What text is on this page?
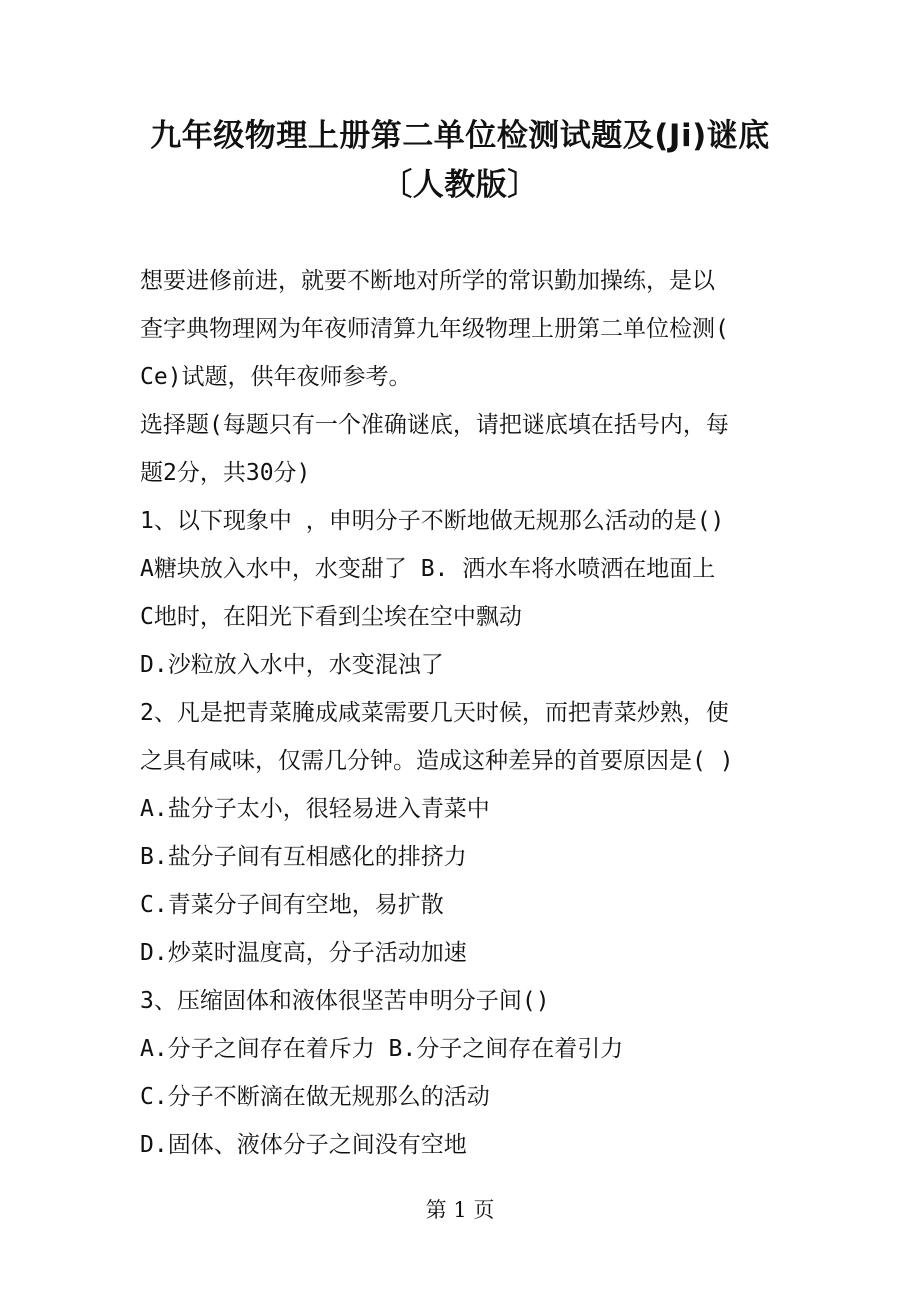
九年级物理上册第二单位检测试题及(Ji)谜底
〔人教版〕
想要进修前进，就要不断地对所学的常识勤加操练，是以
查字典物理网为年夜师清算九年级物理上册第二单位检测(
Ce)试题，供年夜师参考。
选择题(每题只有一个准确谜底，请把谜底填在括号内，每
题2分，共30分)
1、以下现象中 ，申明分子不断地做无规那么活动的是()
A糖块放入水中，水变甜了 B. 洒水车将水喷洒在地面上
C地时，在阳光下看到尘埃在空中飘动
D.沙粒放入水中，水变混浊了
2、凡是把青菜腌成咸菜需要几天时候，而把青菜炒熟，使
之具有咸味，仅需几分钟。造成这种差异的首要原因是( )
A.盐分子太小，很轻易进入青菜中
B.盐分子间有互相感化的排挤力
C.青菜分子间有空地，易扩散
D.炒菜时温度高，分子活动加速
3、压缩固体和液体很坚苦申明分子间()
A.分子之间存在着斥力 B.分子之间存在着引力
C.分子不断滴在做无规那么的活动
D.固体、液体分子之间没有空地
第 1 页
